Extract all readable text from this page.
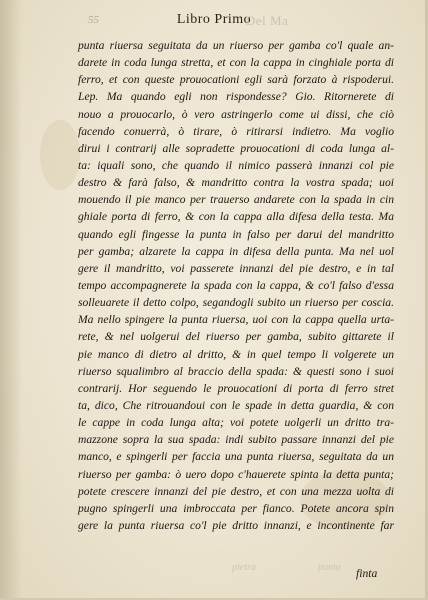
55	Libro Primo
Del Ma
punta riuersa seguitata da un riuerso per gamba co'l quale an-
darete in coda lunga stretta, et con la cappa in cinghiale porta di
ferro, et con queste prouocationi egli sarà forzato à rispoderui.
Lep. Ma quando egli non rispondesse? Gio. Ritornerete di
nouo a prouocarlo, ò vero astringerlo come ui dissi, che ciò
facendo conuerrà, ò tirare, ò ritirarsi indietro. Ma voglio
dirui i contrarij alle sopradette prouocationi di coda lunga al-
ta: iquali sono, che quando il nimico passerà innanzi col pie
destro & farà falso, & mandritto contra la vostra spada; uoi
mouendo il pie manco per trauerso andarete con la spada in cin
ghiale porta di ferro, & con la cappa alla difesa della testa. Ma
quando egli fingesse la punta in falso per darui del mandritto
per gamba; alzarete la cappa in difesa della punta. Ma nel uol
gere il mandritto, voi passerete innanzi del pie destro, e in tal
tempo accompagnerete la spada con la cappa, & co'l falso d'essa
solleuarete il detto colpo, segandogli subito un riuerso per coscia.
Ma nello spingere la punta riuersa, uoi con la cappa quella urta-
rete, & nel uolgerui del riuerso per gamba, subito gittarete il
pie manco di dietro al dritto, & in quel tempo li volgerete un
riuerso squalimbro al braccio della spada: & questi sono i suoi
contrarij. Hor seguendo le prouocationi di porta di ferro stret
ta, dico, Che ritrouandoui con le spade in detta guardia, & con
le cappe in coda lunga alta; voi potete uolgerli un dritto tra-
mazzone sopra la sua spada: indi subito passare innanzi del pie
manco, e spingerli per faccia una punta riuersa, seguitata da un
riuerso per gamba: ò uero dopo c'hauerete spinta la detta punta;
potete crescere innanzi del pie destro, et con una mezza uolta di
pugno spingerli una imbroccata per fianco. Potete ancora spin
gere la punta riuersa co'l pie dritto innanzi, e incontinente far
pietra	punta finta
